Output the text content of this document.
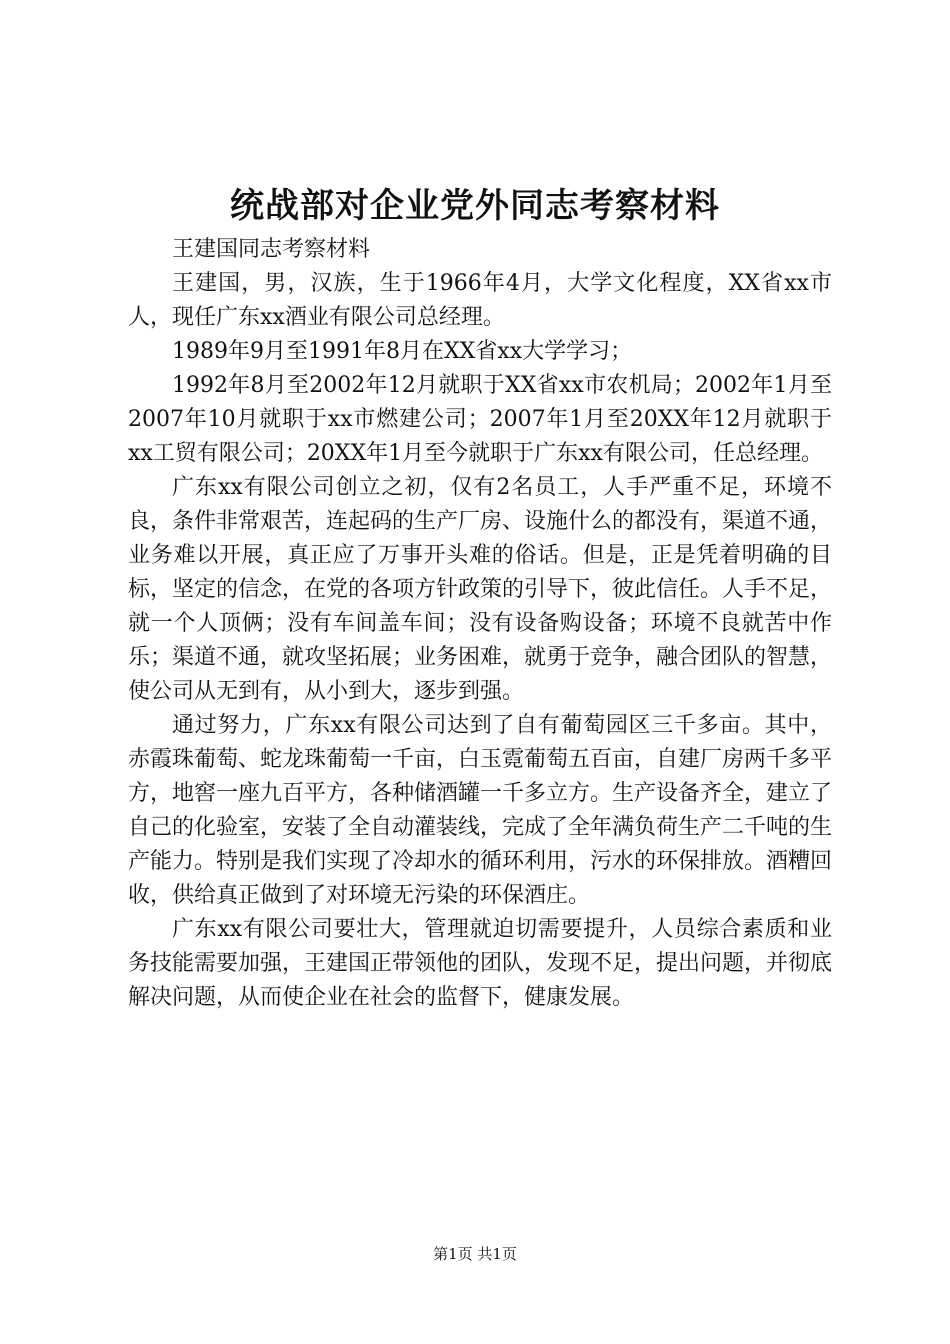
统战部对企业党外同志考察材料

王建国同志考察材料

王建国，男，汉族，生于1966年4月，大学文化程度，XX省xx市人，现任广东xx酒业有限公司总经理。

1989年9月至1991年8月在XX省xx大学学习；

1992年8月至2002年12月就职于XX省xx市农机局；2002年1月至2007年10月就职于xx市燃建公司；2007年1月至20XX年12月就职于xx工贸有限公司；20XX年1月至今就职于广东xx有限公司，任总经理。

广东xx有限公司创立之初，仅有2名员工，人手严重不足，环境不良，条件非常艰苦，连起码的生产厂房、设施什么的都没有，渠道不通，业务难以开展，真正应了万事开头难的俗话。但是，正是凭着明确的目标，坚定的信念，在党的各项方针政策的引导下，彼此信任。人手不足，就一个人顶俩；没有车间盖车间；没有设备购设备；环境不良就苦中作乐；渠道不通，就攻坚拓展；业务困难，就勇于竞争，融合团队的智慧，使公司从无到有，从小到大，逐步到强。

通过努力，广东xx有限公司达到了自有葡萄园区三千多亩。其中，赤霞珠葡萄、蛇龙珠葡萄一千亩，白玉霓葡萄五百亩，自建厂房两千多平方，地窖一座九百平方，各种储酒罐一千多立方。生产设备齐全，建立了自己的化验室，安装了全自动灌装线，完成了全年满负荷生产二千吨的生产能力。特别是我们实现了冷却水的循环利用，污水的环保排放。酒糟回收，供给真正做到了对环境无污染的环保酒庄。

广东xx有限公司要壮大，管理就迫切需要提升，人员综合素质和业务技能需要加强，王建国正带领他的团队，发现不足，提出问题，并彻底解决问题，从而使企业在社会的监督下，健康发展。

第1页 共1页
